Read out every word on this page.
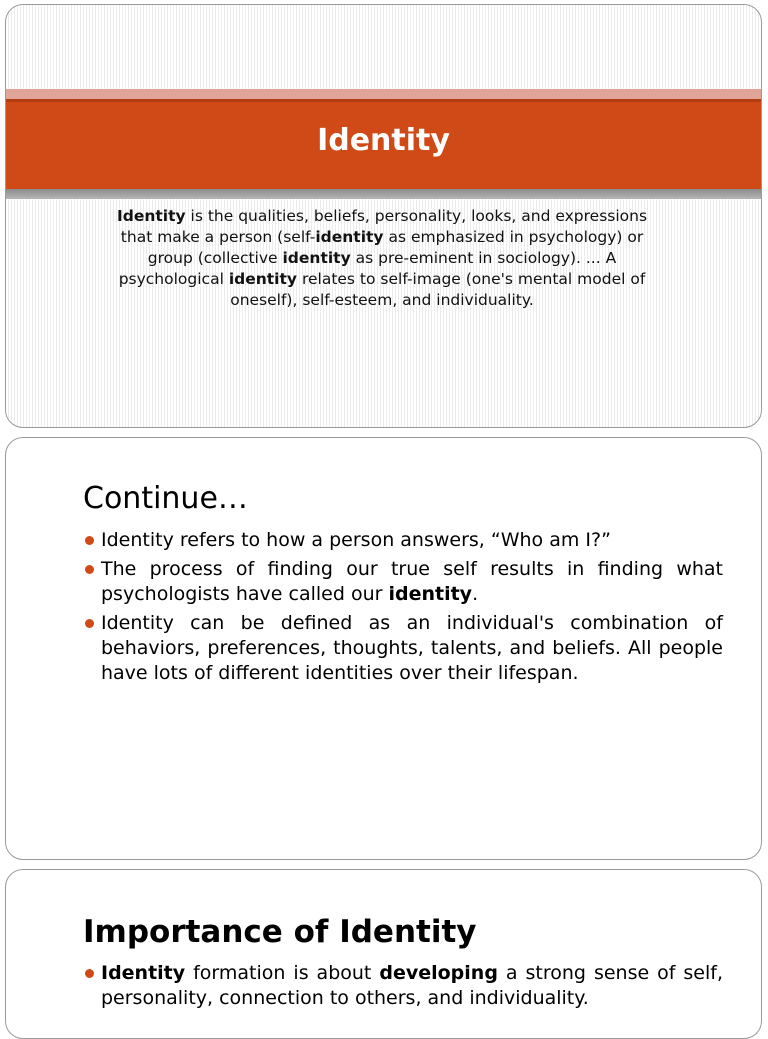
Identity
Identity is the qualities, beliefs, personality, looks, and expressions that make a person (self-identity as emphasized in psychology) or group (collective identity as pre-eminent in sociology). ... A psychological identity relates to self-image (one's mental model of oneself), self-esteem, and individuality.
Continue…
Identity refers to how a person answers, “Who am I?”
The process of finding our true self results in finding what psychologists have called our identity.
Identity can be defined as an individual's combination of behaviors, preferences, thoughts, talents, and beliefs. All people have lots of different identities over their lifespan.
Importance of Identity
Identity formation is about developing a strong sense of self, personality, connection to others, and individuality.
